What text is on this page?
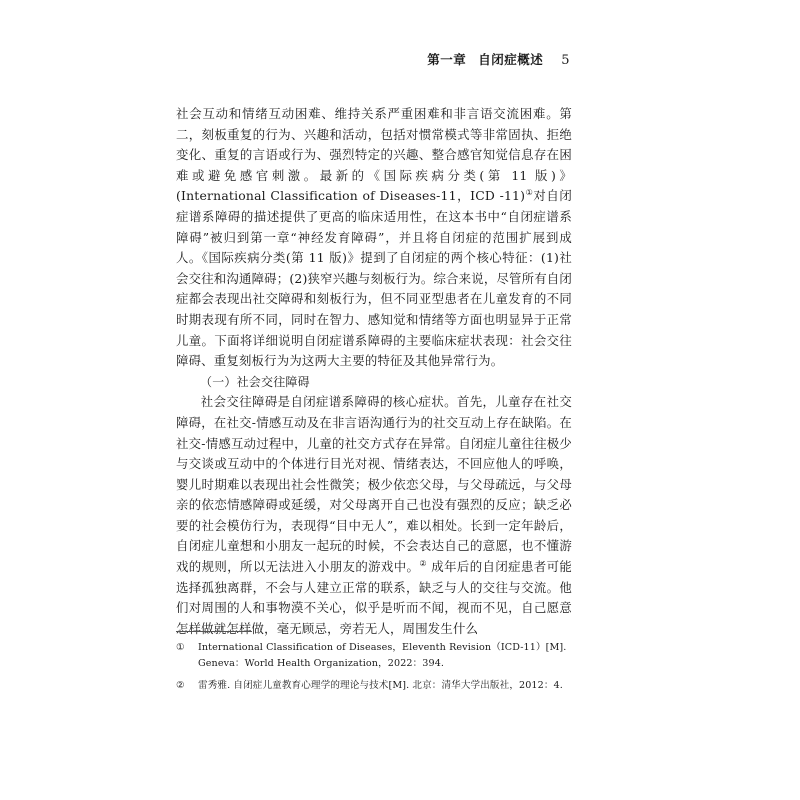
第一章 自闭症概述 5

社会互动和情绪互动困难、维持关系严重困难和非言语交流困难。第二，刻板重复的行为、兴趣和活动，包括对惯常模式等非常固执、拒绝变化、重复的言语或行为、强烈特定的兴趣、整合感官知觉信息存在困难或避免感官刺激。最新的《国际疾病分类(第 11 版)》(International Classification of Diseases-11，ICD -11)①对自闭症谱系障碍的描述提供了更高的临床适用性，在这本书中“自闭症谱系障碍”被归到第一章“神经发育障碍”，并且将自闭症的范围扩展到成人。《国际疾病分类(第 11 版)》提到了自闭症的两个核心特征：(1)社会交往和沟通障碍；(2)狭窄兴趣与刻板行为。综合来说，尽管所有自闭症都会表现出社交障碍和刻板行为，但不同亚型患者在儿童发育的不同时期表现有所不同，同时在智力、感知觉和情绪等方面也明显异于正常儿童。下面将详细说明自闭症谱系障碍的主要临床症状表现：社会交往障碍、重复刻板行为为这两大主要的特征及其他异常行为。

（一）社会交往障碍

社会交往障碍是自闭症谱系障碍的核心症状。首先，儿童存在社交障碍，在社交-情感互动及在非言语沟通行为的社交互动上存在缺陷。在社交-情感互动过程中，儿童的社交方式存在异常。自闭症儿童往往极少与交谈或互动中的个体进行目光对视、情绪表达，不回应他人的呼唤，婴儿时期难以表现出社会性微笑；极少依恋父母，与父母疏远，与父母亲的依恋情感障碍或延缓，对父母离开自己也没有强烈的反应；缺乏必要的社会模仿行为，表现得“目中无人”，难以相处。长到一定年龄后，自闭症儿童想和小朋友一起玩的时候，不会表达自己的意愿，也不懂游戏的规则，所以无法进入小朋友的游戏中。② 成年后的自闭症患者可能选择孤独离群，不会与人建立正常的联系，缺乏与人的交往与交流。他们对周围的人和事物漠不关心，似乎是听而不闻，视而不见，自己愿意怎样做就怎样做，毫无顾忌，旁若无人，周围发生什么

①	International Classification of Diseases，Eleventh Revision（ICD-11）[M]. Geneva：World Health Organization，2022：394.
②	雷秀雅. 自闭症儿童教育心理学的理论与技术[M]. 北京：清华大学出版社，2012：4.
